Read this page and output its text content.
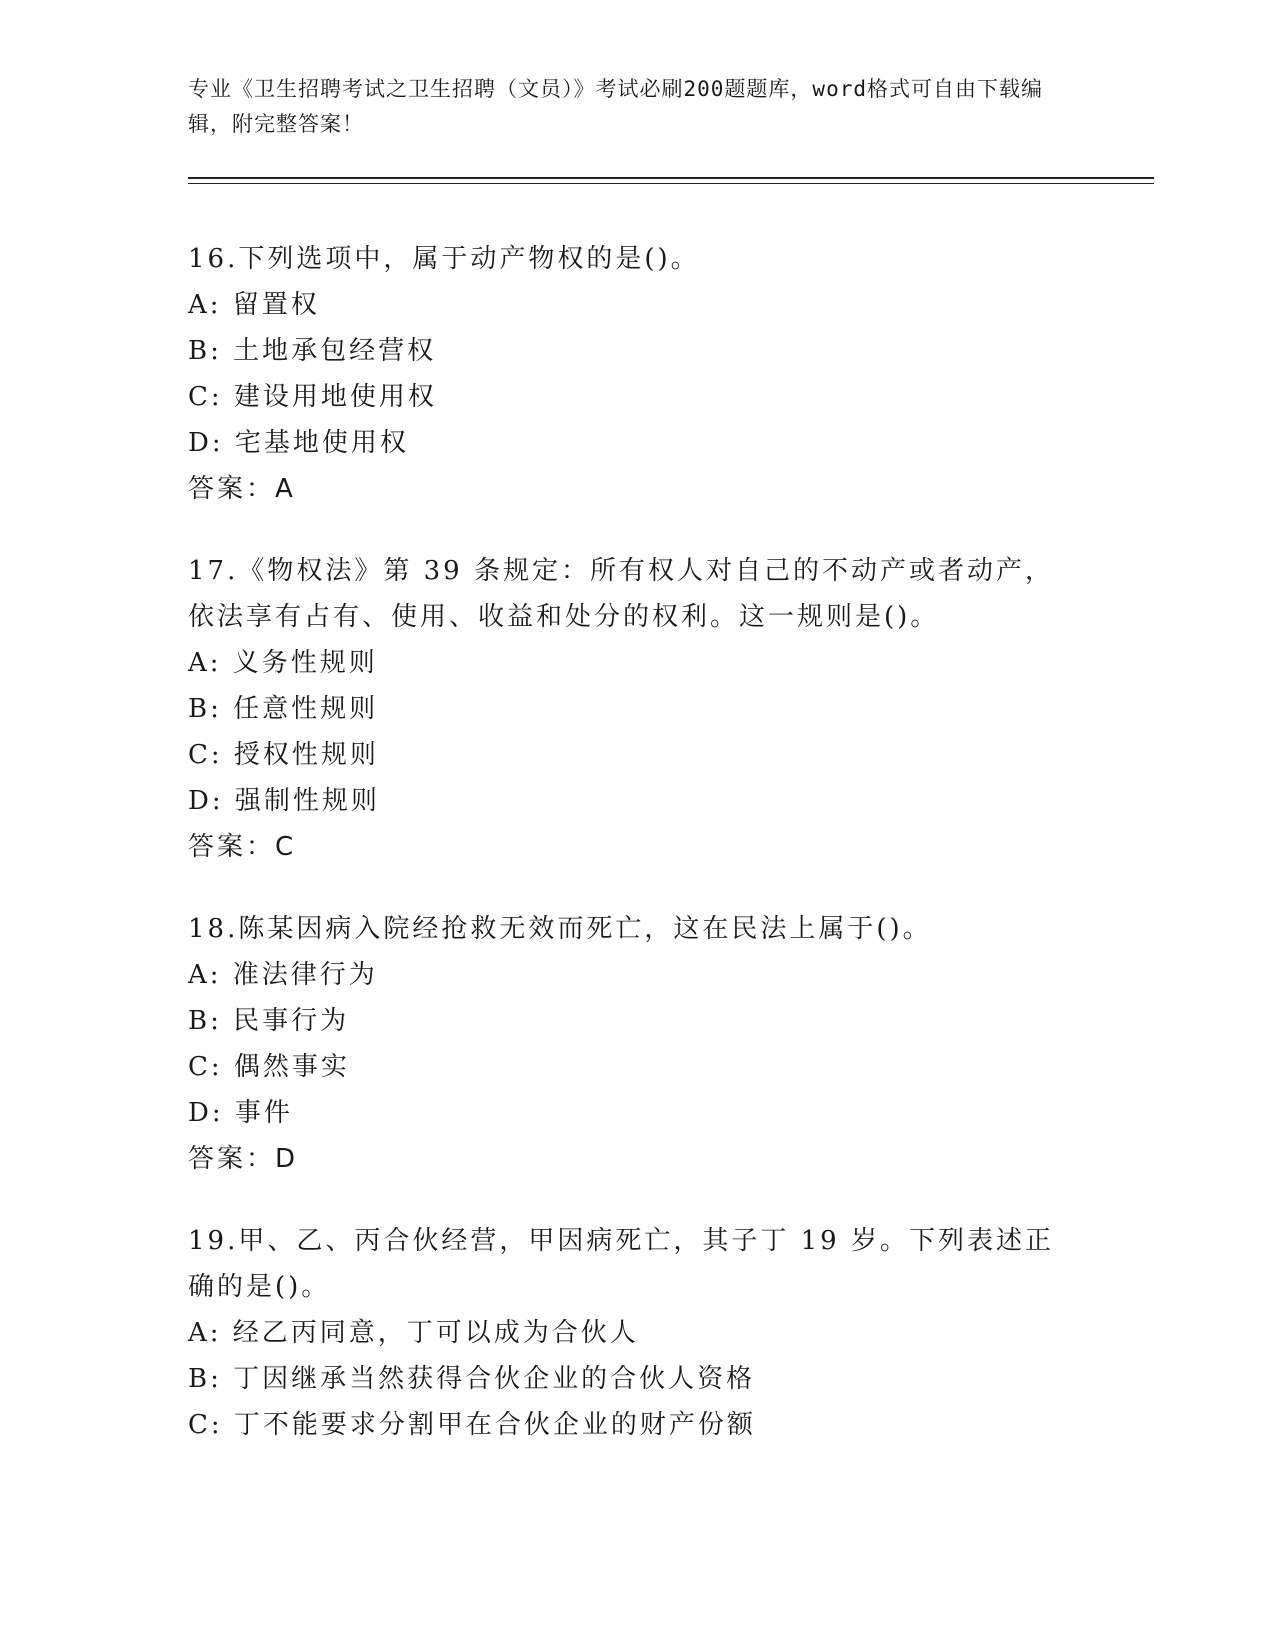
专业《卫生招聘考试之卫生招聘（文员）》考试必刷200题题库，word格式可自由下载编辑，附完整答案！
16.下列选项中，属于动产物权的是()。
A: 留置权
B: 土地承包经营权
C: 建设用地使用权
D: 宅基地使用权
答案：A
17.《物权法》第 39 条规定：所有权人对自己的不动产或者动产，依法享有占有、使用、收益和处分的权利。这一规则是()。
A: 义务性规则
B: 任意性规则
C: 授权性规则
D: 强制性规则
答案：C
18.陈某因病入院经抢救无效而死亡，这在民法上属于()。
A: 准法律行为
B: 民事行为
C: 偶然事实
D: 事件
答案：D
19.甲、乙、丙合伙经营，甲因病死亡，其子丁 19 岁。下列表述正确的是()。
A: 经乙丙同意，丁可以成为合伙人
B: 丁因继承当然获得合伙企业的合伙人资格
C: 丁不能要求分割甲在合伙企业的财产份额
